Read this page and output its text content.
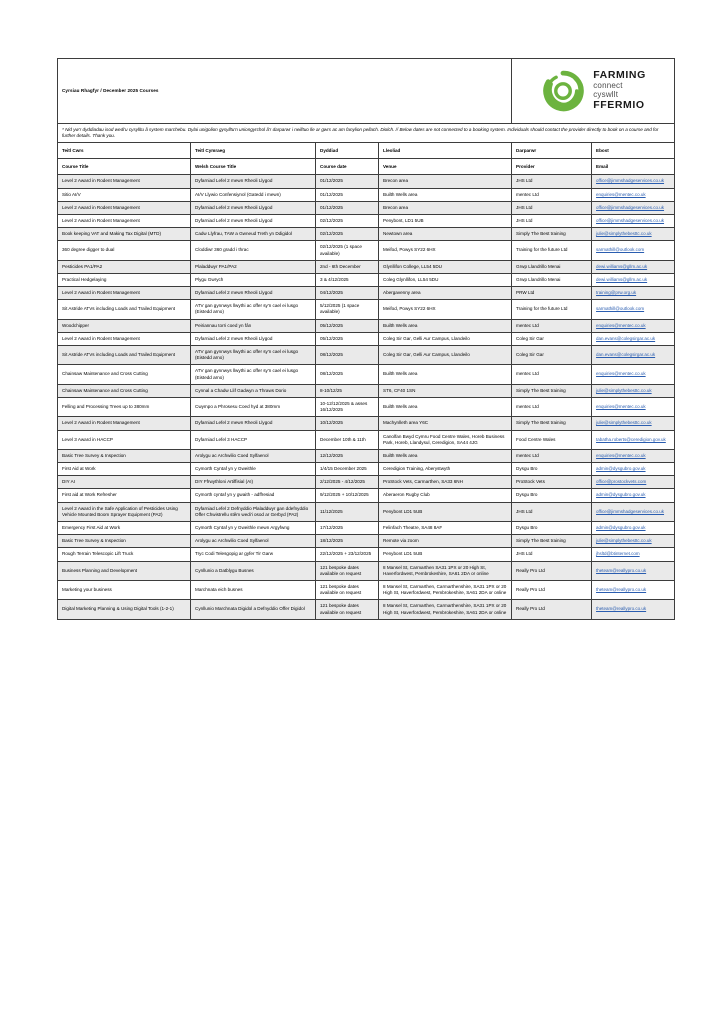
Cyrsiau Rhagfyr / December 2025 Courses				FARMING
connect
cyswllt
FFERMIO	

* Nid yw'r dyddiadau isod wedi'u cysylltu â system marchebu. Dylai unigolion gysylltu'n uniongyrchol â'r darparwr i neilltuo lle ar gwrs ac am fanylion pellach. Diolch. // Below dates are not connected to a booking system. Individuals should contact the provider directly to book on a course and for further details. Thank you.					
Teitl Cwrs	Teitl Cymraeg	Dyddiad	Lleoliad	Darparwr	Ebost
Course Title	Welsh Course Title	Course date	Venue	Provider	Email
Level 2 Award in Rodent Management	Dyfarniad Lefel 2 mewn Rheoli Llygod	01/12/2025	Brecon area	JHS Ltd	office@jimmshadgeservices.co.uk
Sitio AI/V	AI/V Llywio Confensiynol (Gatedd i mewn)	01/12/2025	Builth Wells area	mentec Ltd	enquiries@mentec.co.uk
Level 2 Award in Rodent Management	Dyfarniad Lefel 2 mewn Rheoli Llygod	01/12/2025	Brecon area	JHS Ltd	office@jimmshadgeservices.co.uk
Level 2 Award in Rodent Management	Dyfarniad Lefel 2 mewn Rheoli Llygod	02/12/2025	Penybont, LD1 5UB	JHS Ltd	office@jimmshadgeservices.co.uk
Book keeping VAT and Making Tax Digital (MTD)	Cadw Llyfrau, TAW a Gwneud Treth yn Ddigidol	02/12/2025	Newtown area	Simply The Best training	julie@simplythebesttc.co.uk
360 degree digger to dual	Cloddiwr 360 gradd i thrac	02/12/2025 (1 space available)	Meifod, Powys SY22 6HX	Training for the future Ltd	sarmathill@outlook.com
Pesticides PA1/PA2	Plaladdwyr PA1/PA2	2nd - 6th December	Glynllifon College, LL54 5DU	Grwp Llandrillo Menai	dewi.williams@gllm.ac.uk
Practical Hedgelaying	Plygu Gwrych	3 & 4/12/2025	Coleg Glynllifon, LL54 5DU	Grwp Llandrillo Menai	dewi.williams@gllm.ac.uk
Level 2 Award in Rodent Management	Dyfarniad Lefel 2 mewn Rheoli Llygod	04/12/2025	Abergavenny area	PRW Ltd	training@prw.org.uk
Sit Astride ATVs including Loads and Trailed Equipment	ATV gan gynnwys llwythi ac offer sy'n cael ei lusgo (Eistedd arno)	5/12/2025 (1 space available)	Meifod, Powys SY22 6HX	Training for the future Ltd	sarmathill@outlook.com
Woodchipper	Peiriannau torri coed yn fân	05/12/2025	Builth Wells area	mentec Ltd	enquiries@mentec.co.uk
Level 2 Award in Rodent Management	Dyfarniad Lefel 2 mewn Rheoli Llygod	05/12/2025	Coleg Sir Gar, Gelli Aur Campus, Llandeilo	Coleg Sir Gar	dan.evans@colegsirgar.ac.uk
Sit Astride ATVs including Loads and Trailed Equipment	ATV gan gynnwys llwythi ac offer sy'n cael ei lusgo (Eistedd arno)	08/12/2025	Coleg Sir Gar, Gelli Aur Campus, Llandeilo	Coleg Sir Gar	dan.evans@colegsirgar.ac.uk
Chainsaw Maintenance and Cross Cutting	ATV gan gynnwys llwythi ac offer sy'n cael ei lusgo (Eistedd arno)	08/12/2025	Builth Wells area	mentec Ltd	enquiries@mentec.co.uk
Chainsaw Maintenance and Cross Cutting	Cynnal a Chadw Llif Gadwyn a Thraws Dorio	8-10/12/25	ST6, CF40 1SN	Simply The Best training	julie@simplythebesttc.co.uk
Felling and Processing Trees up to 380mm	Cwympo a Phrosesu Coed hyd at 380mm	10-12/12/2025 & asses 16/12/2025	Builth Wells area	mentec Ltd	enquiries@mentec.co.uk
Level 2 Award in Rodent Management	Dyfarniad Lefel 2 mewn Rheoli Llygod	10/12/2025	Machynlleth area Y6C	Simply The Best training	julie@simplythebesttc.co.uk
Level 3 Award in HACCP	Dyfarniad Lefel 3 HACCP	December 10th & 11th	Canolfan Bwyd Cymru Food Centre Wales, Horeb Business Park, Horeb, Llandysul, Ceredigion, SA44 4JG	Food Centre Wales	tabatha.roberts@ceredigion.gov.uk
Basic Tree Survey & Inspection	Arolygu ac Archwilio Coed Sylfaenol	12/12/2025	Builth Wells area	mentec Ltd	enquiries@mentec.co.uk
First Aid at Work	Cymorth Cyntaf yn y Gweithle	1/4/15 December 2025	Ceredigion Training, Aberystwyth	Dysgu Bro	admin@dysgubro.gov.uk
DIY AI	DIY Ffrwythloni Artiffisial (AI)	2/12/2025 - 4/12/2025	ProStock Vets, Carmarthen, SA33 6NH	ProStock Vets	office@prostockvets.com
First aid at Work Refresher	Cymorth cyntaf yn y gwaith - adffresiad	9/12/2025 + 10/12/2025	Aberaeron Rugby Club	Dysgu Bro	admin@dysgubro.gov.uk
Level 2 Award in the Safe Application of Pesticides Using Vehicle Mounted Boom Sprayer Equipment (PA2)	Dyfarniad Lefel 2 Defnyddio Plaladdwyr gan ddefnyddio Offer Chwistrellu stêm wedi'i osod ar Gerbyd (PA2)	11/12/2025	Penybont LD1 5UB	JHS Ltd	office@jimmshadgeservices.co.uk
Emergency First Aid at Work	Cymorth Cyntaf yn y Gweithle mewn Argyfwng	17/12/2025	Felinfach Theatre, SA48 8AF	Dysgu Bro	admin@dysgubro.gov.uk
Basic Tree Survey & Inspection	Arolygu ac Archwilio Coed Sylfaenol	18/12/2025	Remote via zoom	Simply The Best training	julie@simplythebesttc.co.uk
Rough Terrain Telescopic Lift Truck	Tryc Codi Telesgopig ar gyfer Tir Garw	22/12/2025 + 23/12/2025	Penybont LD1 5UB	JHS Ltd	jhsltd@btinternet.com
Business Planning and Development	Cynllunio a Datblygu Busnes	121 bespoke dates available on request	8 Mansel St, Carmarthen SA31 1PX or 20 High St, Haverfordwest, Pembrokeshire, SA61 2DA or online	Really Pro Ltd	theteam@reallypro.co.uk
Marketing your business	Marchnata eich busnes	121 bespoke dates available on request	8 Mansel St, Carmarthen, Carmarthenshire, SA31 1PX or 20 High St, Haverfordwest, Pembrokeshire, SA61 2DA or online	Really Pro Ltd	theteam@reallypro.co.uk
Digital Marketing Planning & Using Digital Tools (1-2-1)	Cynllunio Marchnata Digidol a Defnyddio Offer Digidol	121 bespoke dates available on request	8 Mansel St, Carmarthen, Carmarthenshire, SA31 1PX or 20 High St, Haverfordwest, Pembrokeshire, SA61 2DA or online	Really Pro Ltd	theteam@reallypro.co.uk
